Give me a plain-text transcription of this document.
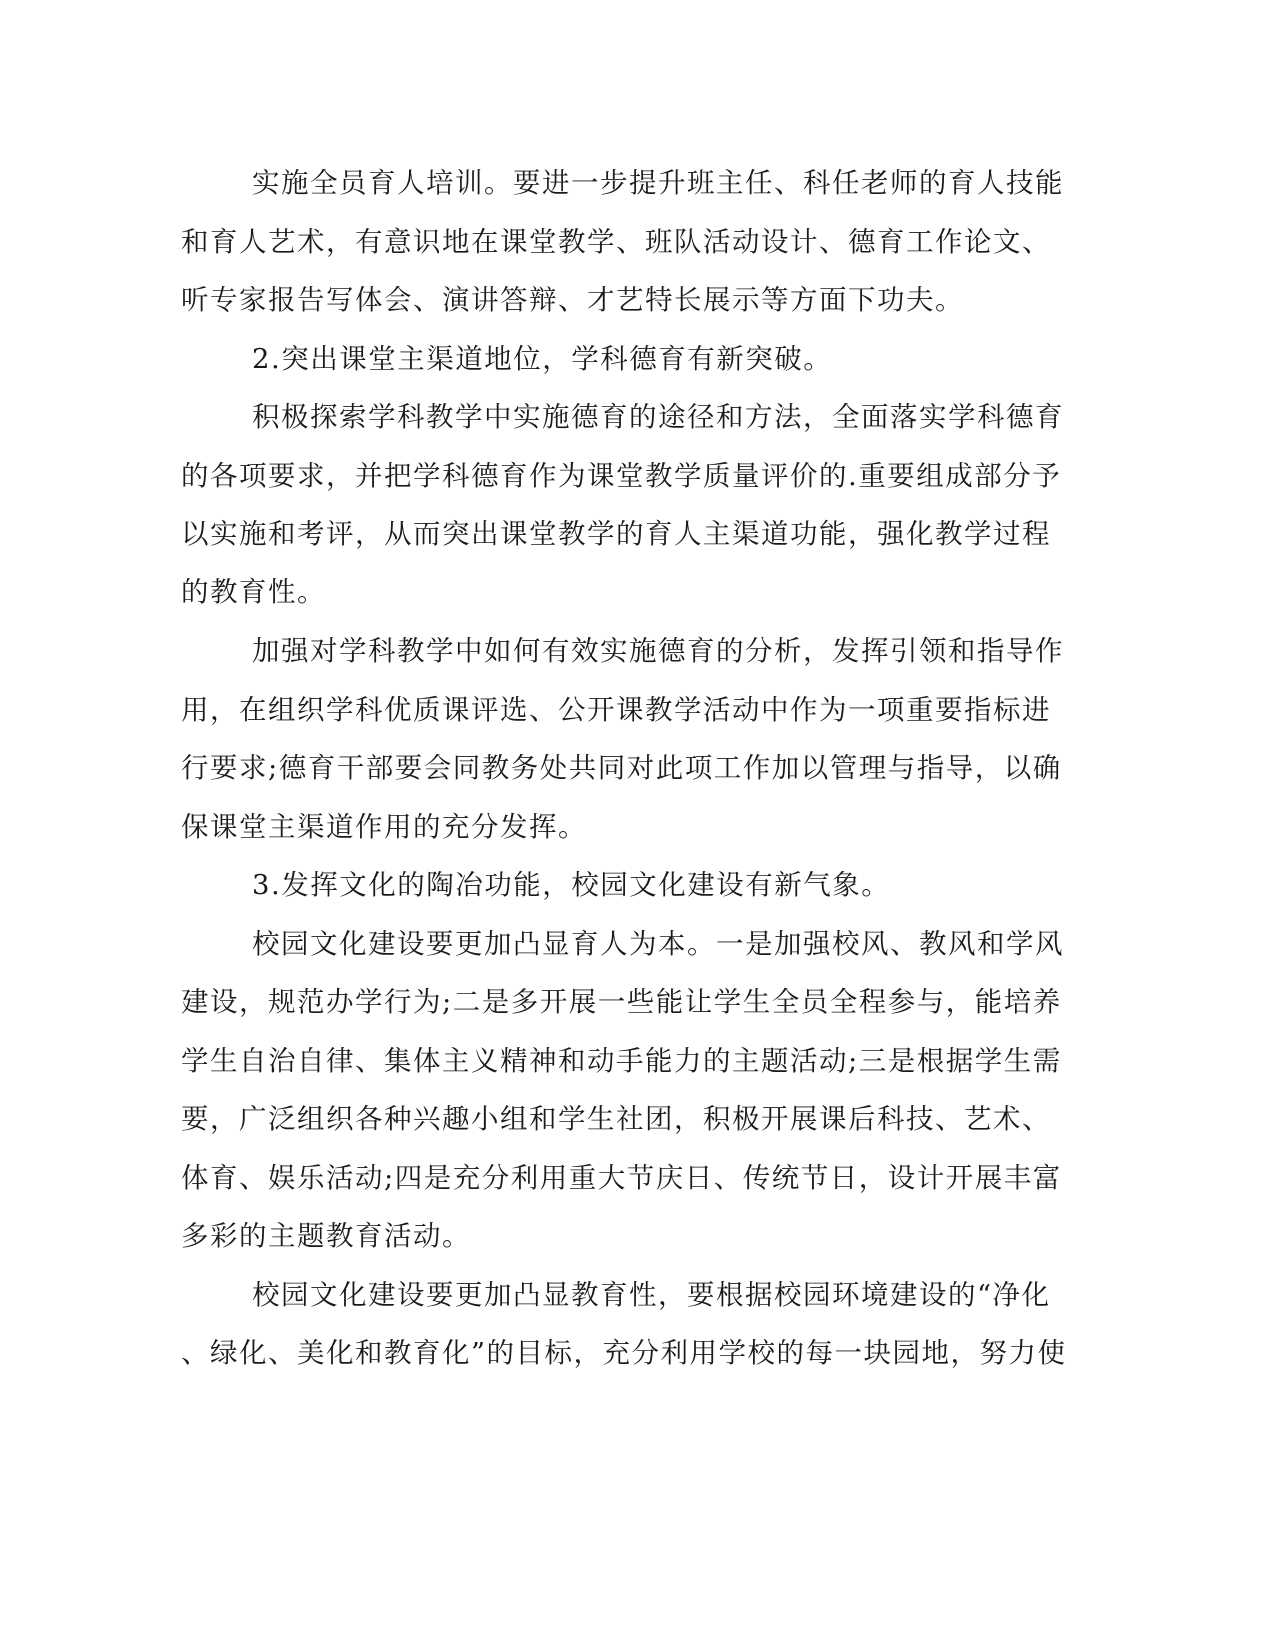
实施全员育人培训。要进一步提升班主任、科任老师的育人技能
和育人艺术，有意识地在课堂教学、班队活动设计、德育工作论文、
听专家报告写体会、演讲答辩、才艺特长展示等方面下功夫。
2.突出课堂主渠道地位，学科德育有新突破。
积极探索学科教学中实施德育的途径和方法，全面落实学科德育
的各项要求，并把学科德育作为课堂教学质量评价的.重要组成部分予
以实施和考评，从而突出课堂教学的育人主渠道功能，强化教学过程
的教育性。
加强对学科教学中如何有效实施德育的分析，发挥引领和指导作
用，在组织学科优质课评选、公开课教学活动中作为一项重要指标进
行要求;德育干部要会同教务处共同对此项工作加以管理与指导，以确
保课堂主渠道作用的充分发挥。
3.发挥文化的陶冶功能，校园文化建设有新气象。
校园文化建设要更加凸显育人为本。一是加强校风、教风和学风
建设，规范办学行为;二是多开展一些能让学生全员全程参与，能培养
学生自治自律、集体主义精神和动手能力的主题活动;三是根据学生需
要，广泛组织各种兴趣小组和学生社团，积极开展课后科技、艺术、
体育、娱乐活动;四是充分利用重大节庆日、传统节日，设计开展丰富
多彩的主题教育活动。
校园文化建设要更加凸显教育性，要根据校园环境建设的“净化
、绿化、美化和教育化”的目标，充分利用学校的每一块园地，努力使
